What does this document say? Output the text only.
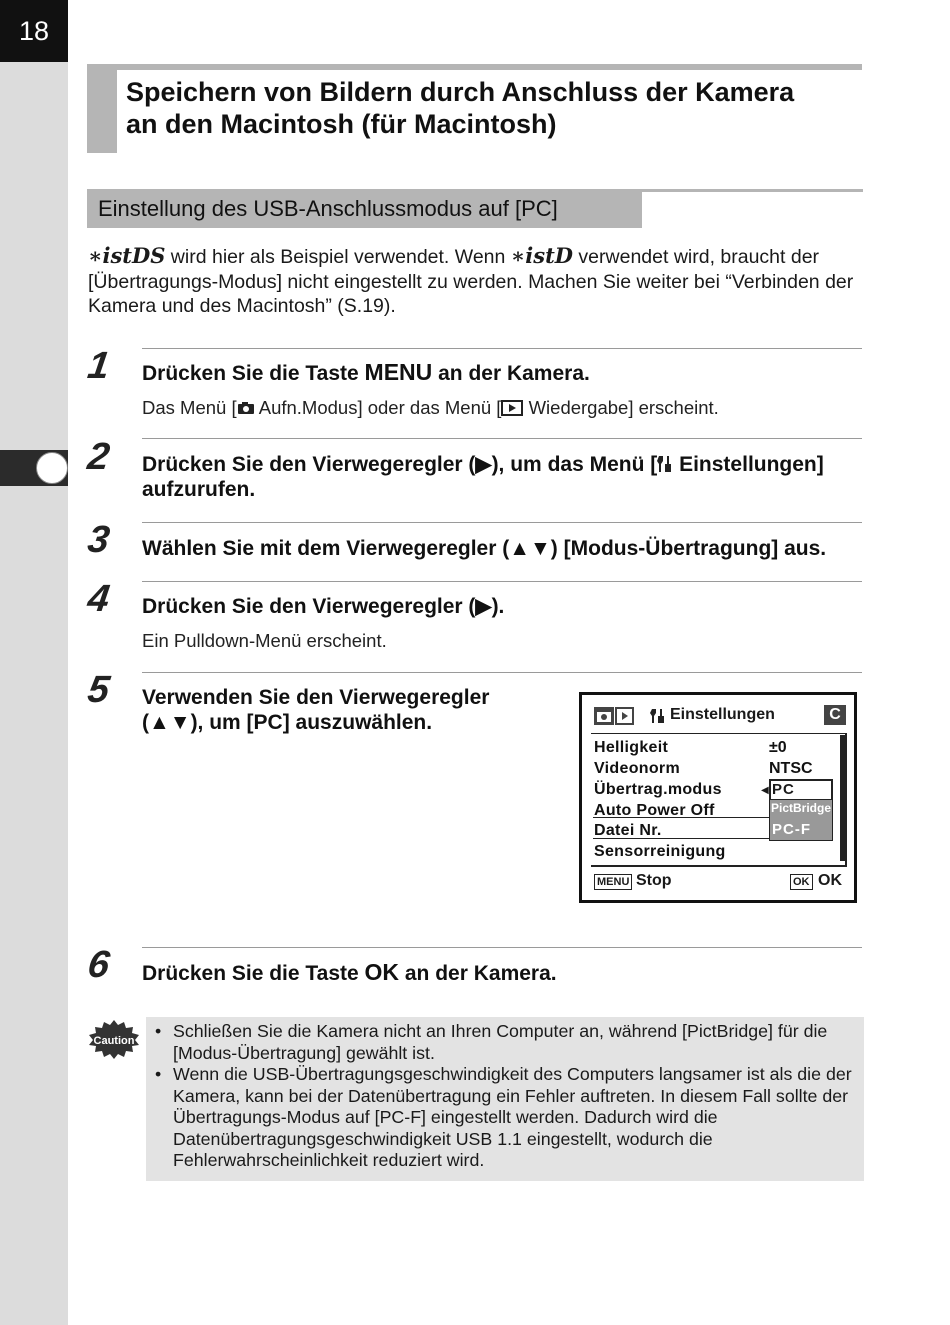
18
Speichern von Bildern durch Anschluss der Kamera
an den Macintosh (für Macintosh)
Einstellung des USB-Anschlussmodus auf [PC]
∗istDS wird hier als Beispiel verwendet. Wenn ∗istD verwendet wird, braucht der [Übertragungs-Modus] nicht eingestellt zu werden. Machen Sie weiter bei “Verbinden der Kamera und des Macintosh” (S.19).
1 Drücken Sie die Taste MENU an der Kamera.
Das Menü [ Aufn.Modus] oder das Menü [ Wiedergabe] erscheint.
2 Drücken Sie den Vierwegeregler (▶), um das Menü [ Einstellungen]
aufzurufen.
3 Wählen Sie mit dem Vierwegeregler (▲▼) [Modus-Übertragung] aus.
4 Drücken Sie den Vierwegeregler (▶).
Ein Pulldown-Menü erscheint.
5 Verwenden Sie den Vierwegeregler
(▲▼), um [PC] auszuwählen.	Einstellungen	C
Helligkeit	±0
Videonorm	NTSC
Übertrag.modus	◀
Auto Power Off
Datei Nr.
Sensorreinigung
PC
PictBridge
PC-F
MENU Stop	OK OK
6 Drücken Sie die Taste OK an der Kamera.
Caution
•	Schließen Sie die Kamera nicht an Ihren Computer an, während [PictBridge] für die [Modus-Übertragung] gewählt ist.
• Wenn die USB-Übertragungsgeschwindigkeit des Computers langsamer ist als die der Kamera, kann bei der Datenübertragung ein Fehler auftreten. In diesem Fall sollte der Übertragungs-Modus auf [PC-F] eingestellt werden. Dadurch wird die Datenübertragungsgeschwindigkeit USB 1.1 eingestellt, wodurch die Fehlerwahrscheinlichkeit reduziert wird.
